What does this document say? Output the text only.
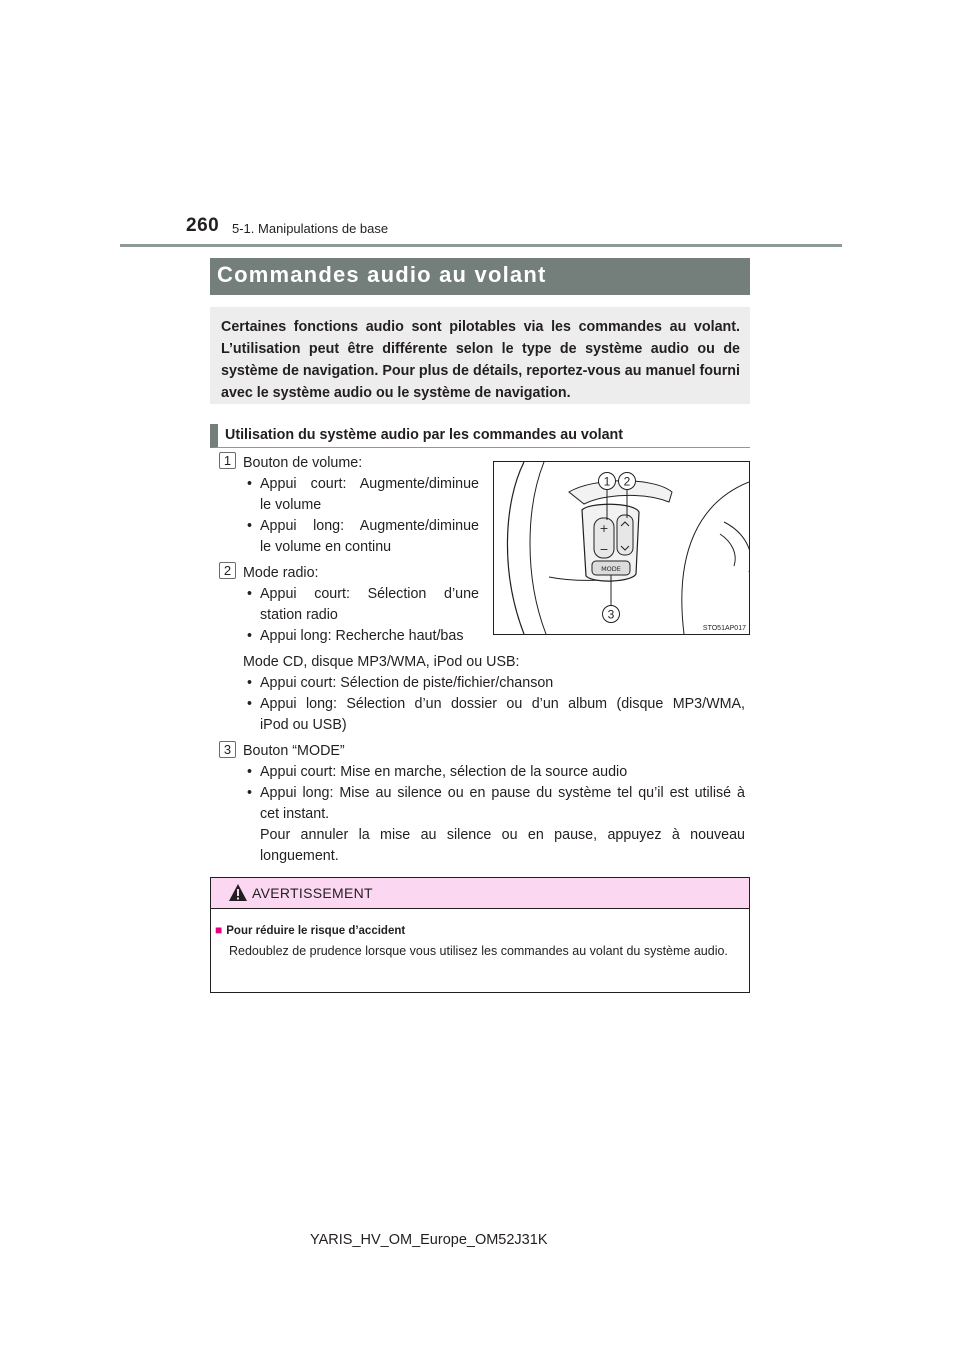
260 5-1. Manipulations de base
Commandes audio au volant
Certaines fonctions audio sont pilotables via les commandes au volant. L’utilisation peut être différente selon le type de système audio ou de système de navigation. Pour plus de détails, reportez-vous au manuel fourni avec le système audio ou le système de navigation.
Utilisation du système audio par les commandes au volant
1 Bouton de volume:
• Appui court: Augmente/diminue
le volume
• Appui long: Augmente/diminue
le volume en continu
2 Mode radio:
• Appui court: Sélection d’une
station radio
• Appui long: Recherche haut/bas
Mode CD, disque MP3/WMA, iPod ou USB:
• Appui court: Sélection de piste/fichier/chanson
• Appui long: Sélection d’un dossier ou d’un album (disque MP3/WMA,
iPod ou USB)
3 Bouton “MODE”
• Appui court: Mise en marche, sélection de la source audio
• Appui long: Mise au silence ou en pause du système tel qu’il est utilisé à
cet instant.
Pour annuler la mise au silence ou en pause, appuyez à nouveau
longuement.
+
−
MODE
1 2
3
STO51AP017
AVERTISSEMENT
■ Pour réduire le risque d’accident
Redoublez de prudence lorsque vous utilisez les commandes au volant du système audio.
YARIS_HV_OM_Europe_OM52J31K
